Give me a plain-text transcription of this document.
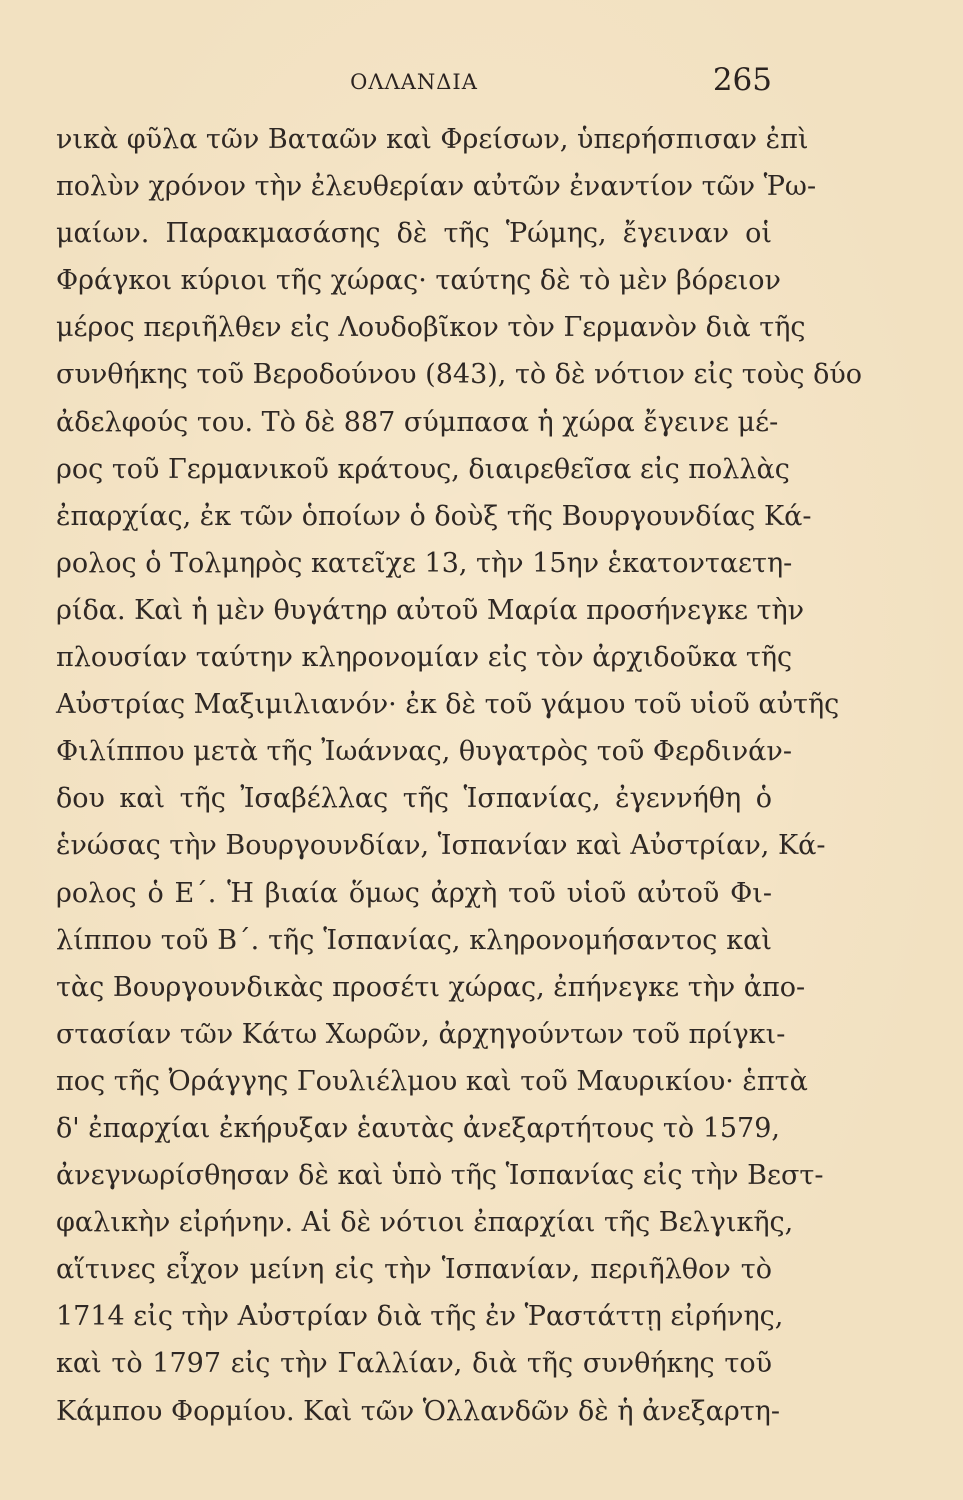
ΟΛΛΑΝΔΙΑ	265
νικὰ φῦλα τῶν Βαταῶν καὶ Φρείσων, ὑπερήσπισαν ἐπὶ
πολὺν χρόνον τὴν ἐλευθερίαν αὐτῶν ἐναντίον τῶν Ῥω-
μαίων. Παρακμασάσης δὲ τῆς Ῥώμης, ἔγειναν οἱ
Φράγκοι κύριοι τῆς χώρας· ταύτης δὲ τὸ μὲν βόρειον
μέρος περιῆλθεν εἰς Λουδοβῖκον τὸν Γερμανὸν διὰ τῆς
συνθήκης τοῦ Βεροδούνου (843), τὸ δὲ νότιον εἰς τοὺς δύο
ἀδελφούς του. Τὸ δὲ 887 σύμπασα ἡ χώρα ἔγεινε μέ-
ρος τοῦ Γερμανικοῦ κράτους, διαιρεθεῖσα εἰς πολλὰς
ἐπαρχίας, ἐκ τῶν ὁποίων ὁ δοὺξ τῆς Βουργουνδίας Κά-
ρολος ὁ Τολμηρὸς κατεῖχε 13, τὴν 15ην ἑκατονταετη-
ρίδα. Καὶ ἡ μὲν θυγάτηρ αὐτοῦ Μαρία προσήνεγκε τὴν
πλουσίαν ταύτην κληρονομίαν εἰς τὸν ἀρχιδοῦκα τῆς
Αὐστρίας Μαξιμιλιανόν· ἐκ δὲ τοῦ γάμου τοῦ υἱοῦ αὐτῆς
Φιλίππου μετὰ τῆς Ἰωάννας, θυγατρὸς τοῦ Φερδινάν-
δου καὶ τῆς Ἰσαβέλλας τῆς Ἱσπανίας, ἐγεννήθη ὁ
ἑνώσας τὴν Βουργουνδίαν, Ἱσπανίαν καὶ Αὐστρίαν, Κά-
ρολος ὁ Ε΄. Ἡ βιαία ὅμως ἀρχὴ τοῦ υἱοῦ αὐτοῦ Φι-
λίππου τοῦ Β΄. τῆς Ἱσπανίας, κληρονομήσαντος καὶ
τὰς Βουργουνδικὰς προσέτι χώρας, ἐπήνεγκε τὴν ἀπο-
στασίαν τῶν Κάτω Χωρῶν, ἀρχηγούντων τοῦ πρίγκι-
πος τῆς Ὀράγγης Γουλιέλμου καὶ τοῦ Μαυρικίου· ἑπτὰ
δ' ἐπαρχίαι ἐκήρυξαν ἑαυτὰς ἀνεξαρτήτους τὸ 1579,
ἀνεγνωρίσθησαν δὲ καὶ ὑπὸ τῆς Ἱσπανίας εἰς τὴν Βεστ-
φαλικὴν εἰρήνην. Αἱ δὲ νότιοι ἐπαρχίαι τῆς Βελγικῆς,
αἵτινες εἶχον μείνη εἰς τὴν Ἱσπανίαν, περιῆλθον τὸ
1714 εἰς τὴν Αὐστρίαν διὰ τῆς ἐν Ῥαστάττῃ εἰρήνης,
καὶ τὸ 1797 εἰς τὴν Γαλλίαν, διὰ τῆς συνθήκης τοῦ
Κάμπου Φορμίου. Καὶ τῶν Ὁλλανδῶν δὲ ἡ ἀνεξαρτη-
